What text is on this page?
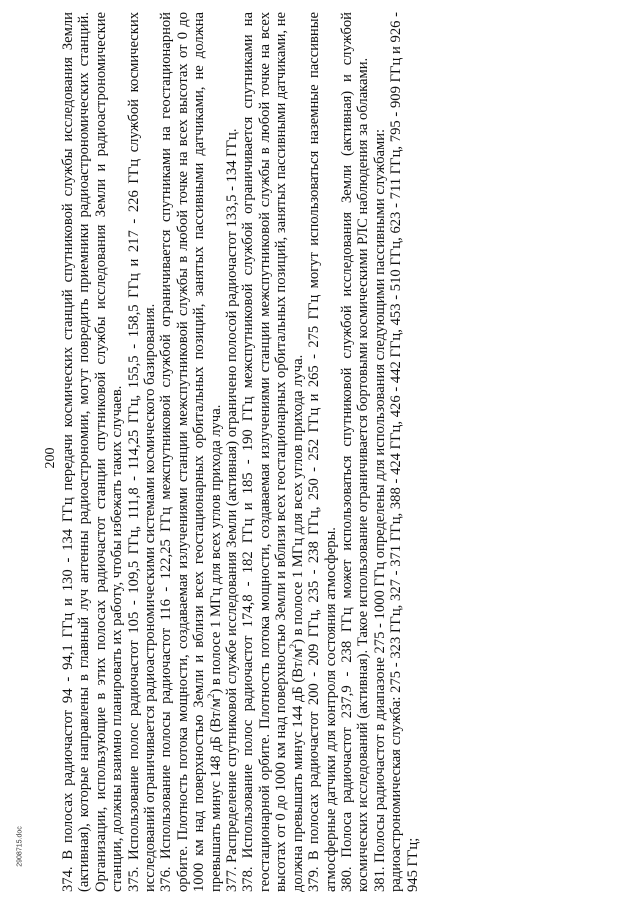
200
2908715.doc	374. В полосах радиочастот 94 - 94,1 ГГц и 130 - 134 ГГц передачи космических станций спутниковой службы исследования Земли (активная), которые направлены в главный луч антенны радиоастрономии, могут повредить приемники радиоастрономических станций. Организации, использующие в этих полосах радиочастот станции спутниковой службы исследования Земли и радиоастрономические станции, должны взаимно планировать их работу, чтобы избежать таких случаев. 375. Использование полос радиочастот 105 - 109,5 ГГц, 111,8 - 114,25 ГГц, 155,5 - 158,5 ГГц и 217 - 226 ГГц службой космических исследований ограничивается радиоастрономическими системами космического базирования. 376. Использование полосы радиочастот 116 - 122,25 ГГц межспутниковой службой ограничивается спутниками на геостационарной орбите. Плотность потока мощности, создаваемая излучениями станции межспутниковой службы в любой точке на всех высотах от 0 до 1000 км над поверхностью Земли и вблизи всех геостационарных орбитальных позиций, занятых пассивными датчиками, не должна превышать минус 148 дБ $(Вт/м^2)$ в полосе 1 МГц для всех углов прихода луча. 377. Распределение спутниковой службе исследования Земли (активная) ограничено полосой радиочастот 133,5 - 134 ГГц. 378. Использование полос радиочастот 174,8 - 182 ГГц и 185 - 190 ГГц межспутниковой службой ограничивается спутниками на геостационарной орбите. Плотность потока мощности, создаваемая излучениями станции межспутниковой службы в любой точке на всех высотах от 0 до 1000 км над поверхностью Земли и вблизи всех геостационарных орбитальных позиций, занятых пассивными датчиками, не должна превышать минус 144 дБ $(Вт/м^2)$ в полосе 1 МГц для всех углов прихода луча. 379. В полосах радиочастот 200 - 209 ГГц, 235 - 238 ГГц, 250 - 252 ГГц и 265 - 275 ГГц могут использоваться наземные пассивные атмосферные датчики для контроля состояния атмосферы. 380. Полоса радиочастот 237,9 - 238 ГГц может использоваться спутниковой службой исследования Земли (активная) и службой космических исследований (активная). Такое использование ограничивается бортовыми космическими РЛС наблюдения за облаками. 381. Полосы радиочастот в диапазоне 275 - 1000 ГГц определены для использования следующими пассивными службами: радиоастрономическая служба: 275 - 323 ГГц, 327 - 371 ГГц, 388 - 424 ГГц, 426 - 442 ГГц, 453 - 510 ГГц, 623 - 711 ГГц, 795 - 909 ГГц и 926 - 945 ГГц;
